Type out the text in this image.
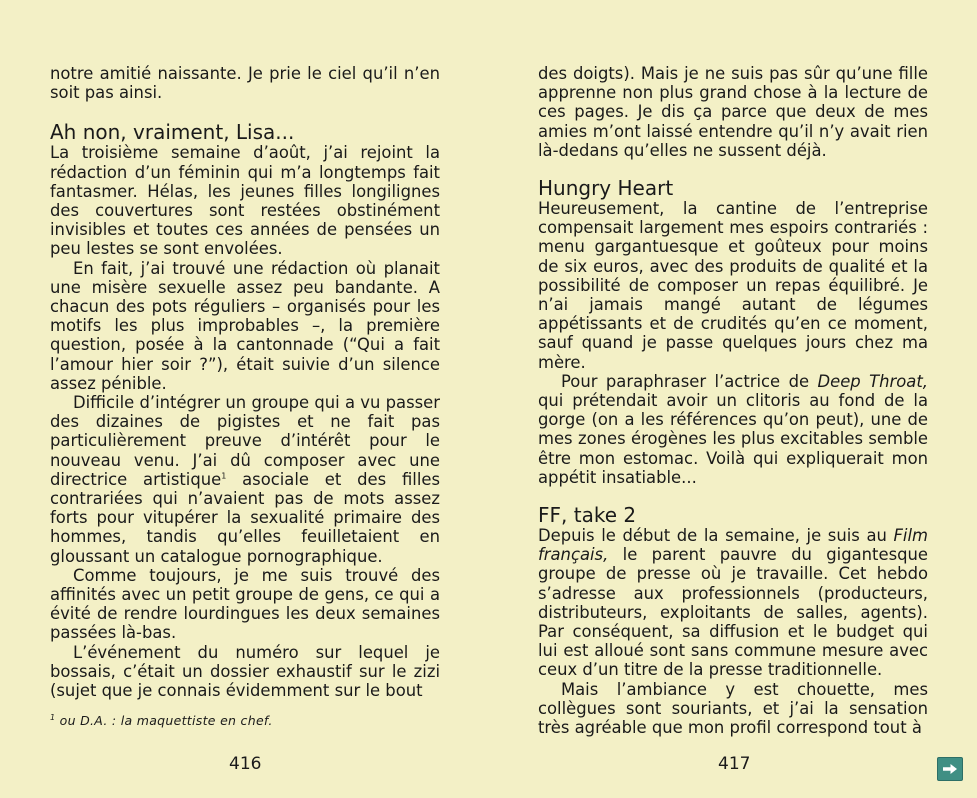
notre amitié naissante. Je prie le ciel qu’il n’en soit pas ainsi.

Ah non, vraiment, Lisa...

La troisième semaine d’août, j’ai rejoint la rédaction d’un féminin qui m’a longtemps fait fantasmer. Hélas, les jeunes filles longilignes des couvertures sont restées obstinément invisibles et toutes ces années de pensées un peu lestes se sont envolées.

En fait, j’ai trouvé une rédaction où planait une misère sexuelle assez peu bandante. A chacun des pots réguliers – organisés pour les motifs les plus improbables –, la première question, posée à la cantonnade (“Qui a fait l’amour hier soir ?”), était suivie d’un silence assez pénible.

Difficile d’intégrer un groupe qui a vu passer des dizaines de pigistes et ne fait pas particulièrement preuve d’intérêt pour le nouveau venu. J’ai dû composer avec une directrice artistique$^1$ asociale et des filles contrariées qui n’avaient pas de mots assez forts pour vitupérer la sexualité primaire des hommes, tandis qu’elles feuilletaient en gloussant un catalogue pornographique.

Comme toujours, je me suis trouvé des affinités avec un petit groupe de gens, ce qui a évité de rendre lourdingues les deux semaines passées là-bas.

L’événement du numéro sur lequel je bossais, c’était un dossier exhaustif sur le zizi (sujet que je connais évidemment sur le bout

$^1$ ou D.A. : la maquettiste en chef.

des doigts). Mais je ne suis pas sûr qu’une fille apprenne non plus grand chose à la lecture de ces pages. Je dis ça parce que deux de mes amies m’ont laissé entendre qu’il n’y avait rien là-dedans qu’elles ne sussent déjà.

Hungry Heart

Heureusement, la cantine de l’entreprise compensait largement mes espoirs contrariés : menu gargantuesque et goûteux pour moins de six euros, avec des produits de qualité et la possibilité de composer un repas équilibré. Je n’ai jamais mangé autant de légumes appétissants et de crudités qu’en ce moment, sauf quand je passe quelques jours chez ma mère.

Pour paraphraser l’actrice de Deep Throat, qui prétendait avoir un clitoris au fond de la gorge (on a les références qu’on peut), une de mes zones érogènes les plus excitables semble être mon estomac. Voilà qui expliquerait mon appétit insatiable...

FF, take 2

Depuis le début de la semaine, je suis au Film français, le parent pauvre du gigantesque groupe de presse où je travaille. Cet hebdo s’adresse aux professionnels (producteurs, distributeurs, exploitants de salles, agents). Par conséquent, sa diffusion et le budget qui lui est alloué sont sans commune mesure avec ceux d’un titre de la presse traditionnelle.

Mais l’ambiance y est chouette, mes collègues sont souriants, et j’ai la sensation très agréable que mon profil correspond tout à

416	417
